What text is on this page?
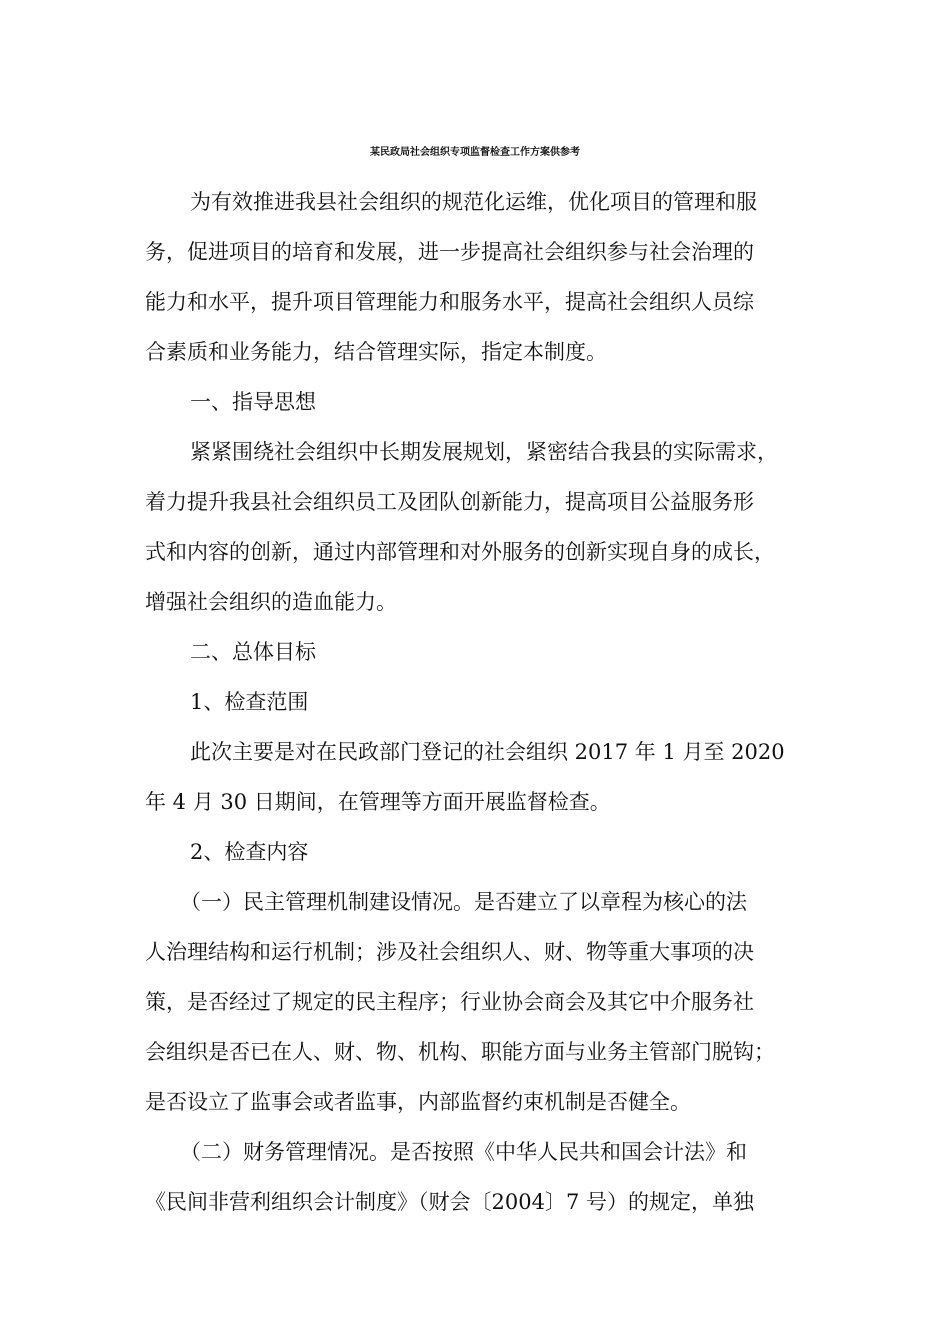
某民政局社会组织专项监督检查工作方案供参考
为有效推进我县社会组织的规范化运维，优化项目的管理和服
务，促进项目的培育和发展，进一步提高社会组织参与社会治理的
能力和水平，提升项目管理能力和服务水平，提高社会组织人员综
合素质和业务能力，结合管理实际，指定本制度。
一、指导思想
紧紧围绕社会组织中长期发展规划，紧密结合我县的实际需求，
着力提升我县社会组织员工及团队创新能力，提高项目公益服务形
式和内容的创新，通过内部管理和对外服务的创新实现自身的成长，
增强社会组织的造血能力。
二、总体目标
1、检查范围
此次主要是对在民政部门登记的社会组织 2017 年 1 月至 2020
年 4 月 30 日期间，在管理等方面开展监督检查。
2、检查内容
（一）民主管理机制建设情况。是否建立了以章程为核心的法
人治理结构和运行机制；涉及社会组织人、财、物等重大事项的决
策，是否经过了规定的民主程序；行业协会商会及其它中介服务社
会组织是否已在人、财、物、机构、职能方面与业务主管部门脱钩；
是否设立了监事会或者监事，内部监督约束机制是否健全。
（二）财务管理情况。是否按照《中华人民共和国会计法》和
《民间非营利组织会计制度》（财会〔2004〕7 号）的规定，单独
